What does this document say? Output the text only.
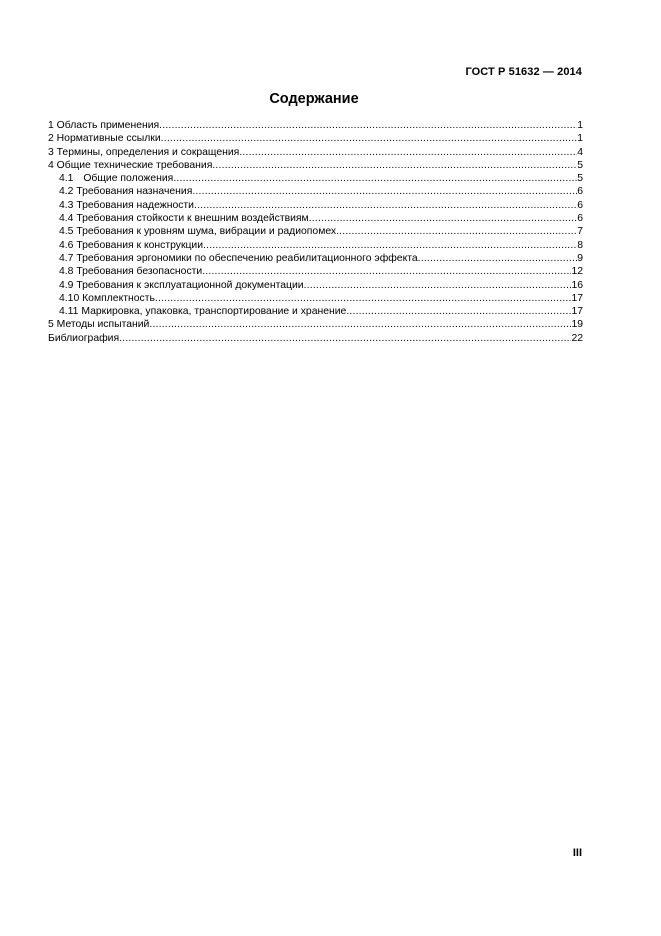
ГОСТ Р 51632 — 2014
Содержание
1 Область применения .....	1
2 Нормативные ссылки .....	1
3 Термины, определения и сокращения .....	4
4 Общие технические требования .....	5
4.1 Общие положения .....	5
4.2 Требования назначения .....	6
4.3 Требования надежности .....	6
4.4 Требования стойкости к внешним воздействиям .....	6
4.5 Требования к уровням шума, вибрации и радиопомех .....	7
4.6 Требования к конструкции .....	8
4.7 Требования эргономики по обеспечению реабилитационного эффекта .....	9
4.8 Требования безопасности .....	12
4.9 Требования к эксплуатационной документации .....	16
4.10 Комплектность .....	17
4.11 Маркировка, упаковка, транспортирование и хранение .....	17
5 Методы испытаний .....	19
Библиография .....	22
III
